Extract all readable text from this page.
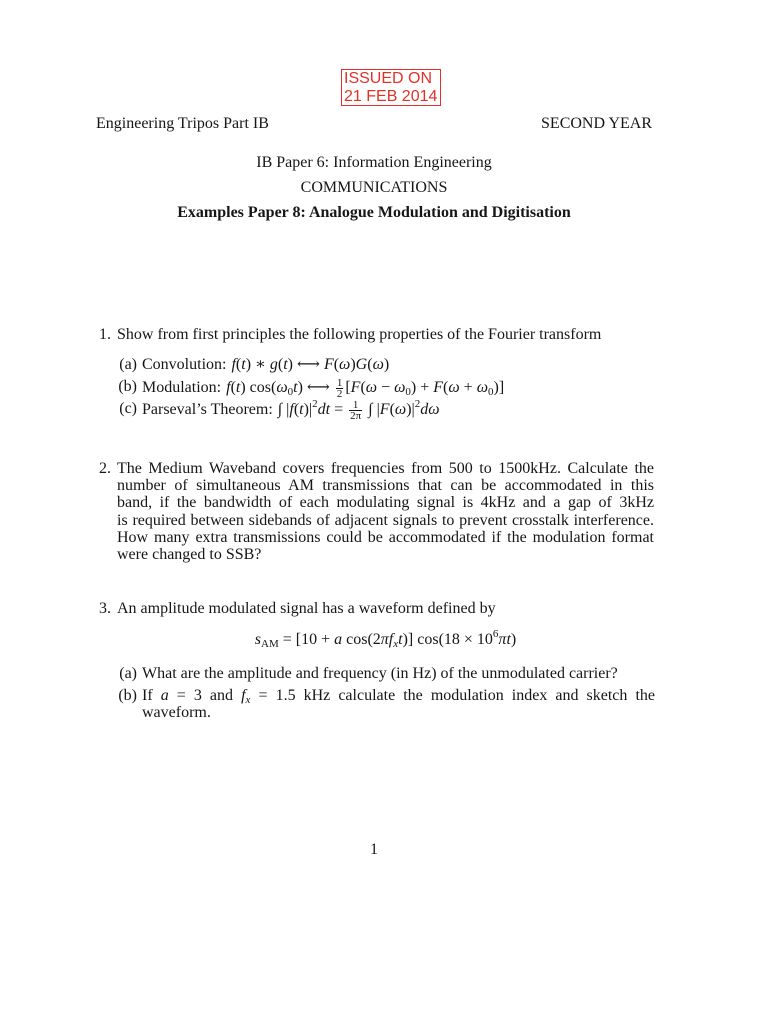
ISSUED ON
21 FEB 2014
Engineering Tripos Part IB	SECOND YEAR
IB Paper 6: Information Engineering
COMMUNICATIONS
Examples Paper 8: Analogue Modulation and Digitisation
1. Show from first principles the following properties of the Fourier transform
(a) Convolution: f(t) ∗ g(t) ⟷ F(ω)G(ω)
(b) Modulation: f(t) cos(ω0t) ⟷ $\frac{1}{2} [F(\omega - \omega 0) + F(\omega + \omega 0)]$
(c) Parseval’s Theorem: ∫ $|f(t)|^2dt = \frac{1}{2\pi}$ ∫ $|F(\omega)|^2d\omega$
2. The Medium Waveband covers frequencies from 500 to 1500kHz. Calculate the
number of simultaneous AM transmissions that can be accommodated in this
band, if the bandwidth of each modulating signal is 4kHz and a gap of 3kHz
is required between sidebands of adjacent signals to prevent crosstalk interference.
How many extra transmissions could be accommodated if the modulation format
were changed to SSB?
3. An amplitude modulated signal has a waveform defined by
sAM = [10 + a cos(2πfxt)] $\cos(18 \times 10^6\pi t)$
(a) What are the amplitude and frequency (in Hz) of the unmodulated carrier?
(b) If a = 3 and fx = 1.5 kHz calculate the modulation index and sketch the
waveform.
1
